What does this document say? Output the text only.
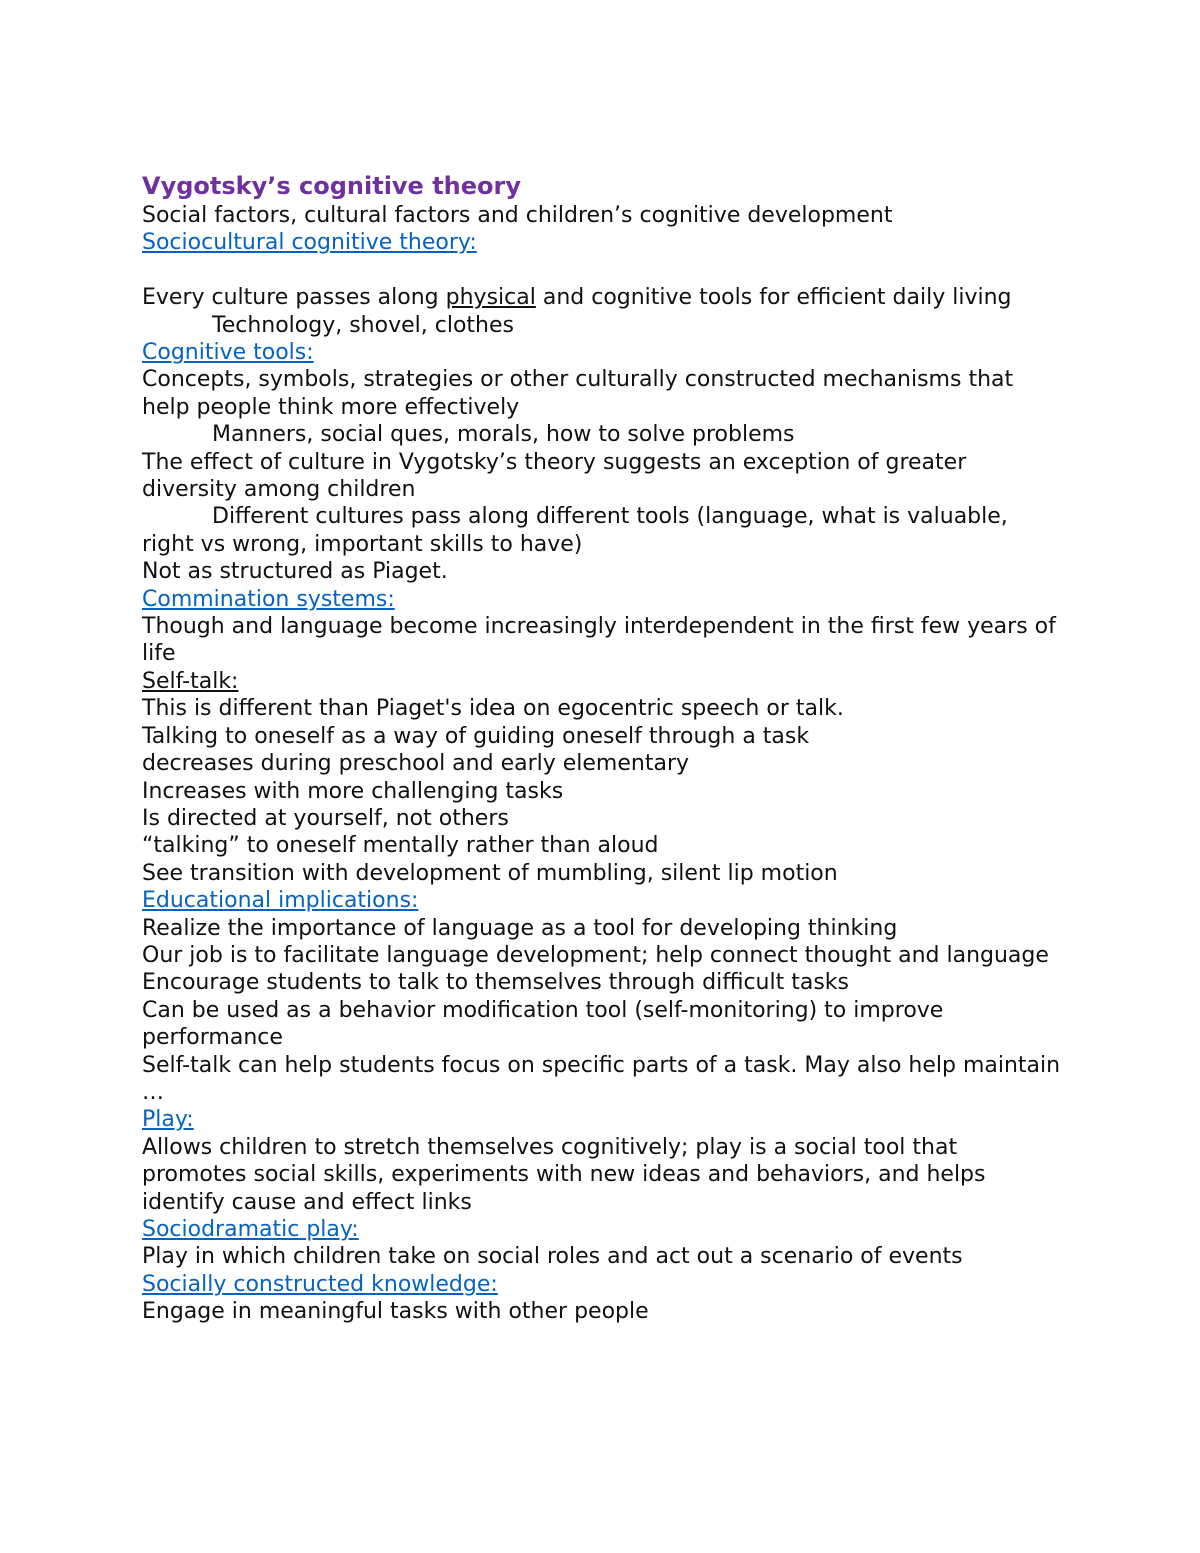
Vygotsky’s cognitive theory
Social factors, cultural factors and children’s cognitive development
Sociocultural cognitive theory:
Every culture passes along physical and cognitive tools for efficient daily living
Technology, shovel, clothes
Cognitive tools:
Concepts, symbols, strategies or other culturally constructed mechanisms that help people think more effectively
Manners, social ques, morals, how to solve problems
The effect of culture in Vygotsky’s theory suggests an exception of greater diversity among children
Different cultures pass along different tools (language, what is valuable, right vs wrong, important skills to have)
Not as structured as Piaget.
Commination systems:
Though and language become increasingly interdependent in the first few years of life
Self-talk:
This is different than Piaget's idea on egocentric speech or talk.
Talking to oneself as a way of guiding oneself through a task
decreases during preschool and early elementary
Increases with more challenging tasks
Is directed at yourself, not others
“talking” to oneself mentally rather than aloud
See transition with development of mumbling, silent lip motion
Educational implications:
Realize the importance of language as a tool for developing thinking
Our job is to facilitate language development; help connect thought and language
Encourage students to talk to themselves through difficult tasks
Can be used as a behavior modification tool (self-monitoring) to improve performance
Self-talk can help students focus on specific parts of a task. May also help maintain …
Play:
Allows children to stretch themselves cognitively; play is a social tool that promotes social skills, experiments with new ideas and behaviors, and helps identify cause and effect links
Sociodramatic play:
Play in which children take on social roles and act out a scenario of events
Socially constructed knowledge:
Engage in meaningful tasks with other people
